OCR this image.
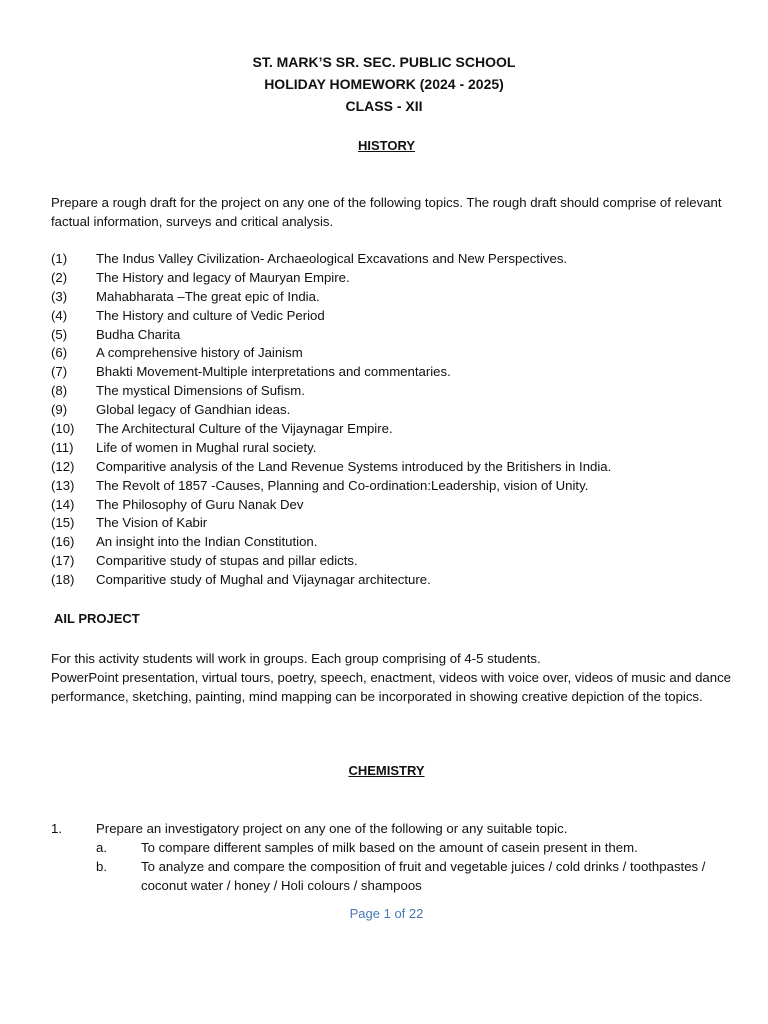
ST. MARK’S SR. SEC. PUBLIC SCHOOL
HOLIDAY HOMEWORK (2024 - 2025)
CLASS - XII
HISTORY
Prepare a rough draft for the project on any one of the following topics. The rough draft should comprise of relevant factual information, surveys and critical analysis.
(1) The Indus Valley Civilization- Archaeological Excavations and New Perspectives.
(2) The History and legacy of Mauryan Empire.
(3) Mahabharata –The great epic of India.
(4) The History and culture of Vedic Period
(5) Budha Charita
(6) A comprehensive history of Jainism
(7) Bhakti Movement-Multiple interpretations and commentaries.
(8) The mystical Dimensions of Sufism.
(9) Global legacy of Gandhian ideas.
(10) The Architectural Culture of the Vijaynagar Empire.
(11) Life of women in Mughal rural society.
(12) Comparitive analysis of the Land Revenue Systems introduced by the Britishers in India.
(13) The Revolt of 1857 -Causes, Planning and Co-ordination:Leadership, vision of Unity.
(14) The Philosophy of Guru Nanak Dev
(15) The Vision of Kabir
(16) An insight into the Indian Constitution.
(17) Comparitive study of stupas and pillar edicts.
(18) Comparitive study of Mughal and Vijaynagar architecture.
AIL PROJECT
For this activity students will work in groups. Each group comprising of 4-5 students.
PowerPoint presentation, virtual tours, poetry, speech, enactment, videos with voice over, videos of music and dance performance, sketching, painting, mind mapping can be incorporated in showing creative depiction of the topics.
CHEMISTRY
1.	Prepare an investigatory project on any one of the following or any suitable topic.
a.	To compare different samples of milk based on the amount of casein present in them.
b.	To analyze and compare the composition of fruit and vegetable juices / cold drinks / toothpastes / coconut water / honey / Holi colours / shampoos
Page 1 of 22
